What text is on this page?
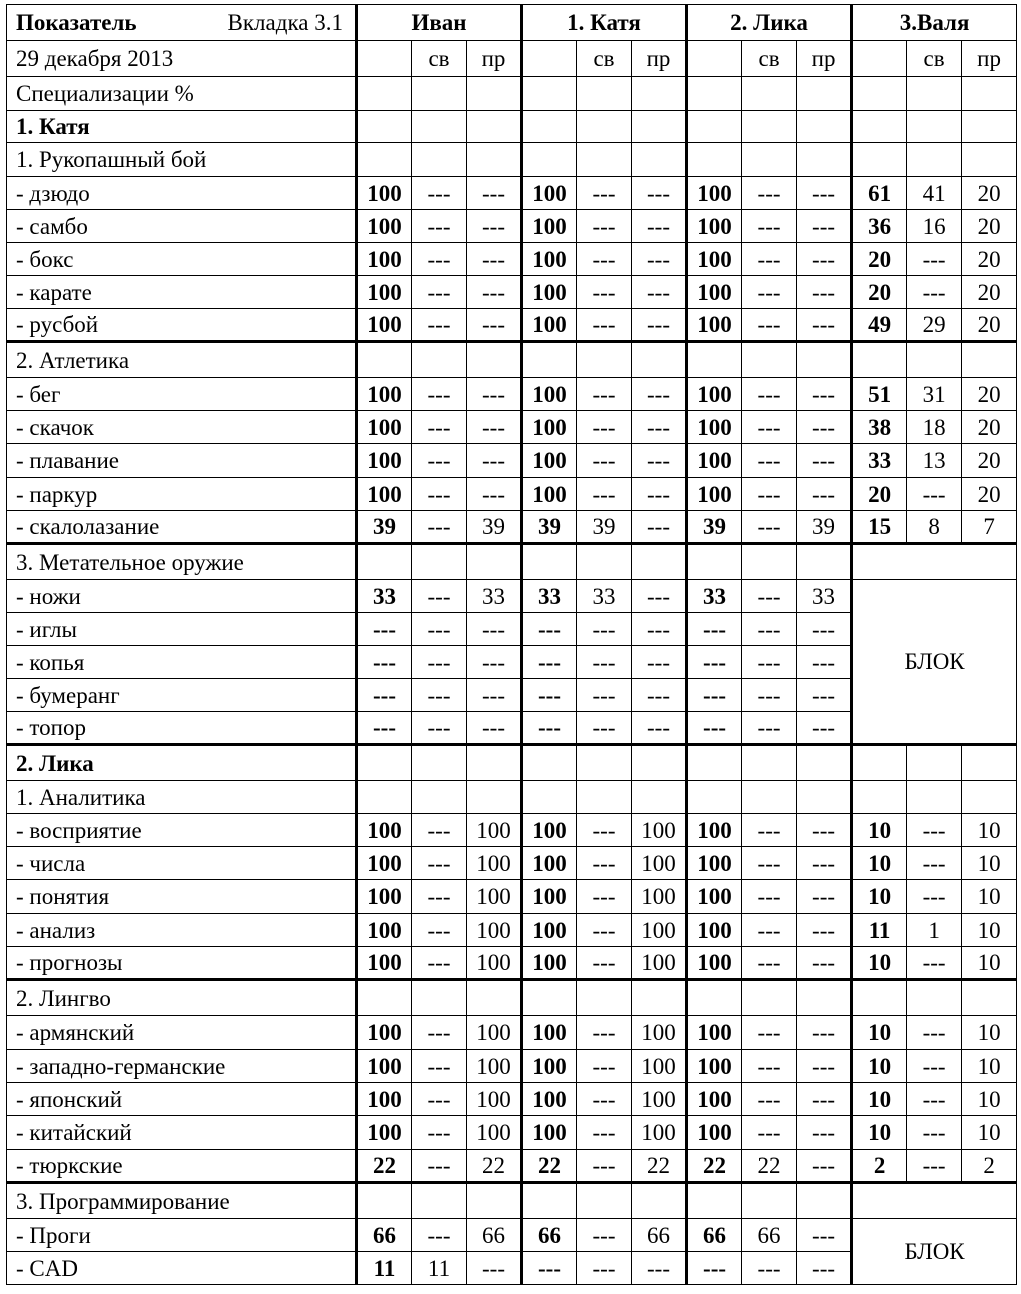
Показатель Вкладка 3.1	Иван			1. Катя			2. Лика			3.Валя		
29 декабря 2013		св	пр		св	пр		св	пр		св	пр
Специализации %												
1. Катя												
1. Рукопашный бой												
- дзюдо	100	---	---	100	---	---	100	---	---	61	41	20
- самбо	100	---	---	100	---	---	100	---	---	36	16	20
- бокс	100	---	---	100	---	---	100	---	---	20	---	20
- карате	100	---	---	100	---	---	100	---	---	20	---	20
- русбой	100	---	---	100	---	---	100	---	---	49	29	20
2. Атлетика												
- бег	100	---	---	100	---	---	100	---	---	51	31	20
- скачок	100	---	---	100	---	---	100	---	---	38	18	20
- плавание	100	---	---	100	---	---	100	---	---	33	13	20
- паркур	100	---	---	100	---	---	100	---	---	20	---	20
- скалолазание	39	---	39	39	39	---	39	---	39	15	8	7
3. Метательное оружие												
- ножи	33	---	33	33	33	---	33	---	33	БЛОК		
- иглы	---	---	---	---	---	---	---	---	---			
- копья	---	---	---	---	---	---	---	---	---			
- бумеранг	---	---	---	---	---	---	---	---	---			
- топор	---	---	---	---	---	---	---	---	---			
2. Лика												
1. Аналитика												
- восприятие	100	---	100	100	---	100	100	---	---	10	---	10
- числа	100	---	100	100	---	100	100	---	---	10	---	10
- понятия	100	---	100	100	---	100	100	---	---	10	---	10
- анализ	100	---	100	100	---	100	100	---	---	11	1	10
- прогнозы	100	---	100	100	---	100	100	---	---	10	---	10
2. Лингво												
- армянский	100	---	100	100	---	100	100	---	---	10	---	10
- западно-германские	100	---	100	100	---	100	100	---	---	10	---	10
- японский	100	---	100	100	---	100	100	---	---	10	---	10
- китайский	100	---	100	100	---	100	100	---	---	10	---	10
- тюркские	22	---	22	22	---	22	22	22	---	2	---	2
3. Программирование												
- Проги	66	---	66	66	---	66	66	66	---	БЛОК		
- CAD	11	11	---	---	---	---	---	---	---			
